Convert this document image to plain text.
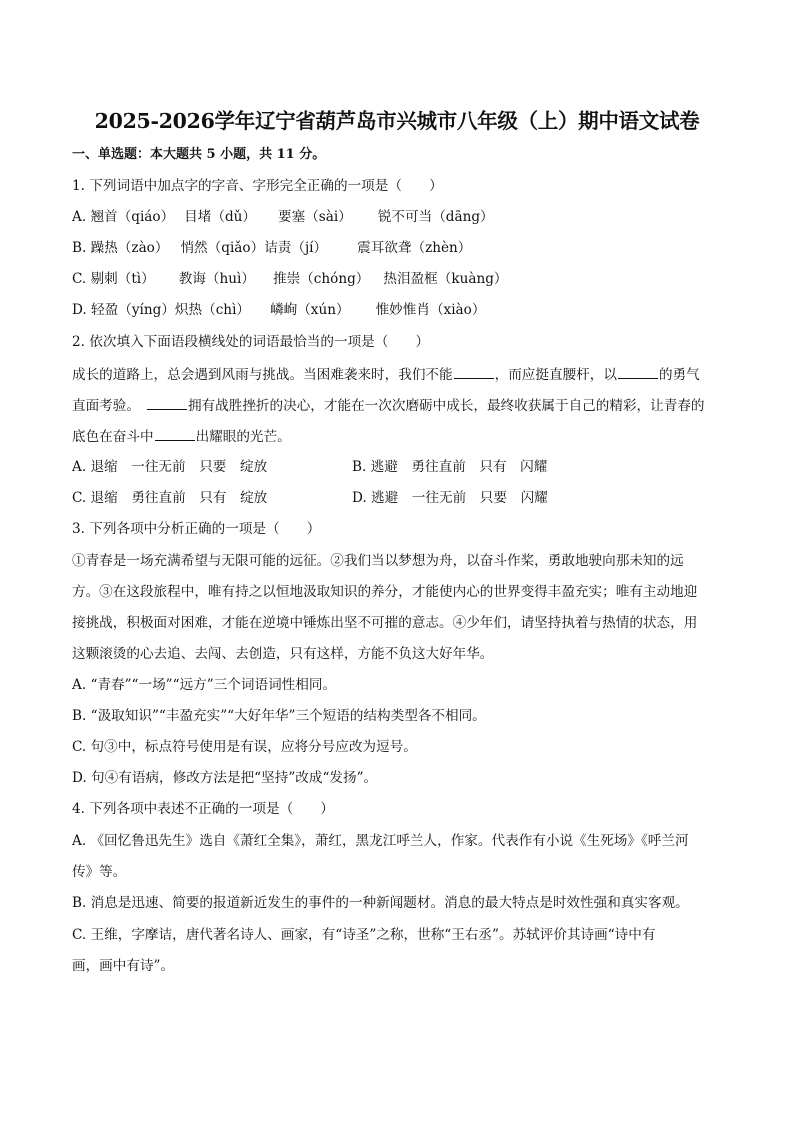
2025-2026学年辽宁省葫芦岛市兴城市八年级（上）期中语文试卷
一、单选题：本大题共 5 小题，共 11 分。
1. 下列词语中加点字的字音、字形完全正确的一项是（　　）
A. 翘首（qiáo） 目堵（dǔ） 要塞（sài） 锐不可当（dāng）
B. 躁热（zào） 悄然（qiǎo）诘责（jí） 震耳欲聋（zhèn）
C. 剔刺（tì） 教诲（huì） 推崇（chóng） 热泪盈框（kuàng）
D. 轻盈（yíng）炽热（chì） 嶙峋（xún） 惟妙惟肖（xiào）
2. 依次填入下面语段横线处的词语最恰当的一项是（　　）
成长的道路上，总会遇到风雨与挑战。当困难袭来时，我们不能	，而应挺直腰杆，以	的勇气
直面考验。	拥有战胜挫折的决心，才能在一次次磨砺中成长，最终收获属于自己的精彩，让青春的
底色在奋斗中	出耀眼的光芒。
A. 退缩　一往无前　只要　绽放	B. 逃避　勇往直前　只有　闪耀
C. 退缩　勇往直前　只有　绽放	D. 逃避　一往无前　只要　闪耀
3. 下列各项中分析正确的一项是（　　）
①青春是一场充满希望与无限可能的远征。②我们当以梦想为舟，以奋斗作桨，勇敢地驶向那未知的远
方。③在这段旅程中，唯有持之以恒地汲取知识的养分，才能使内心的世界变得丰盈充实；唯有主动地迎
接挑战，积极面对困难，才能在逆境中锤炼出坚不可摧的意志。④少年们，请坚持执着与热情的状态，用
这颗滚烫的心去追、去闯、去创造，只有这样，方能不负这大好年华。
A. “青春”“一场”“远方”三个词语词性相同。
B. “汲取知识”“丰盈充实”“大好年华”三个短语的结构类型各不相同。
C. 句③中，标点符号使用是有误，应将分号应改为逗号。
D. 句④有语病，修改方法是把“坚持”改成“发扬”。
4. 下列各项中表述不正确的一项是（　　）
A. 《回忆鲁迅先生》选自《萧红全集》，萧红，黑龙江呼兰人，作家。代表作有小说《生死场》《呼兰河
传》等。
B. 消息是迅速、简要的报道新近发生的事件的一种新闻题材。消息的最大特点是时效性强和真实客观。
C. 王维，字摩诘，唐代著名诗人、画家，有“诗圣”之称，世称“王右丞”。苏轼评价其诗画“诗中有
画，画中有诗”。
